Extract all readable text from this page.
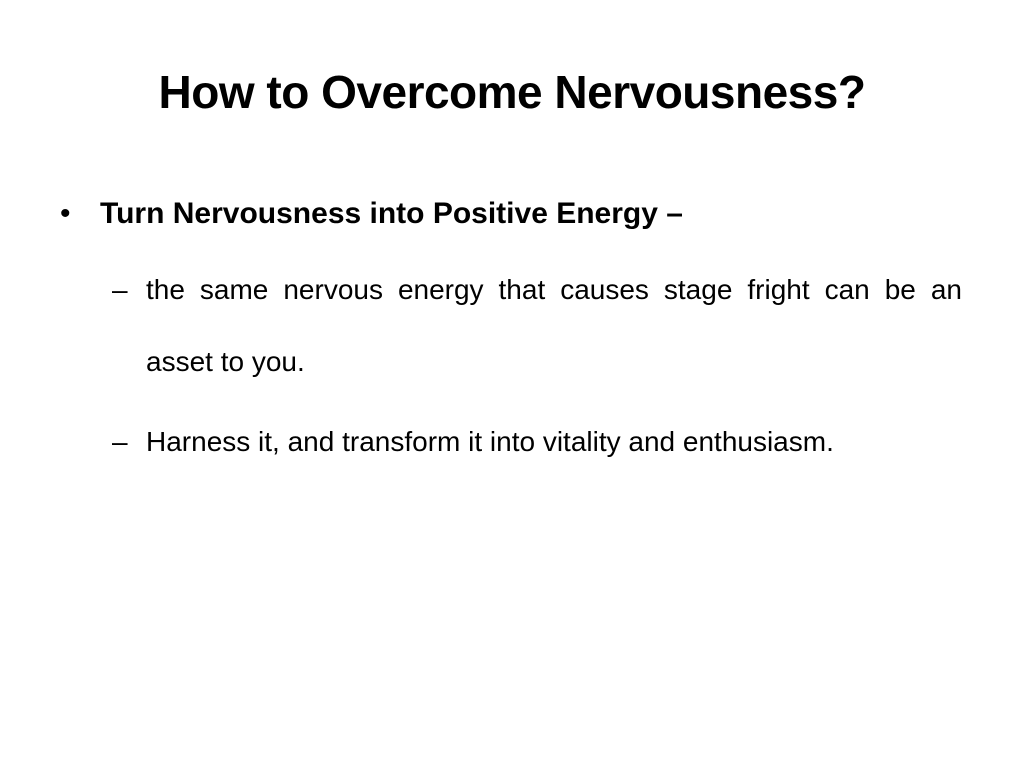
How to Overcome Nervousness?
• Turn Nervousness into Positive Energy –
– the same nervous energy that causes stage fright can be an asset to you.
– Harness it, and transform it into vitality and enthusiasm.
